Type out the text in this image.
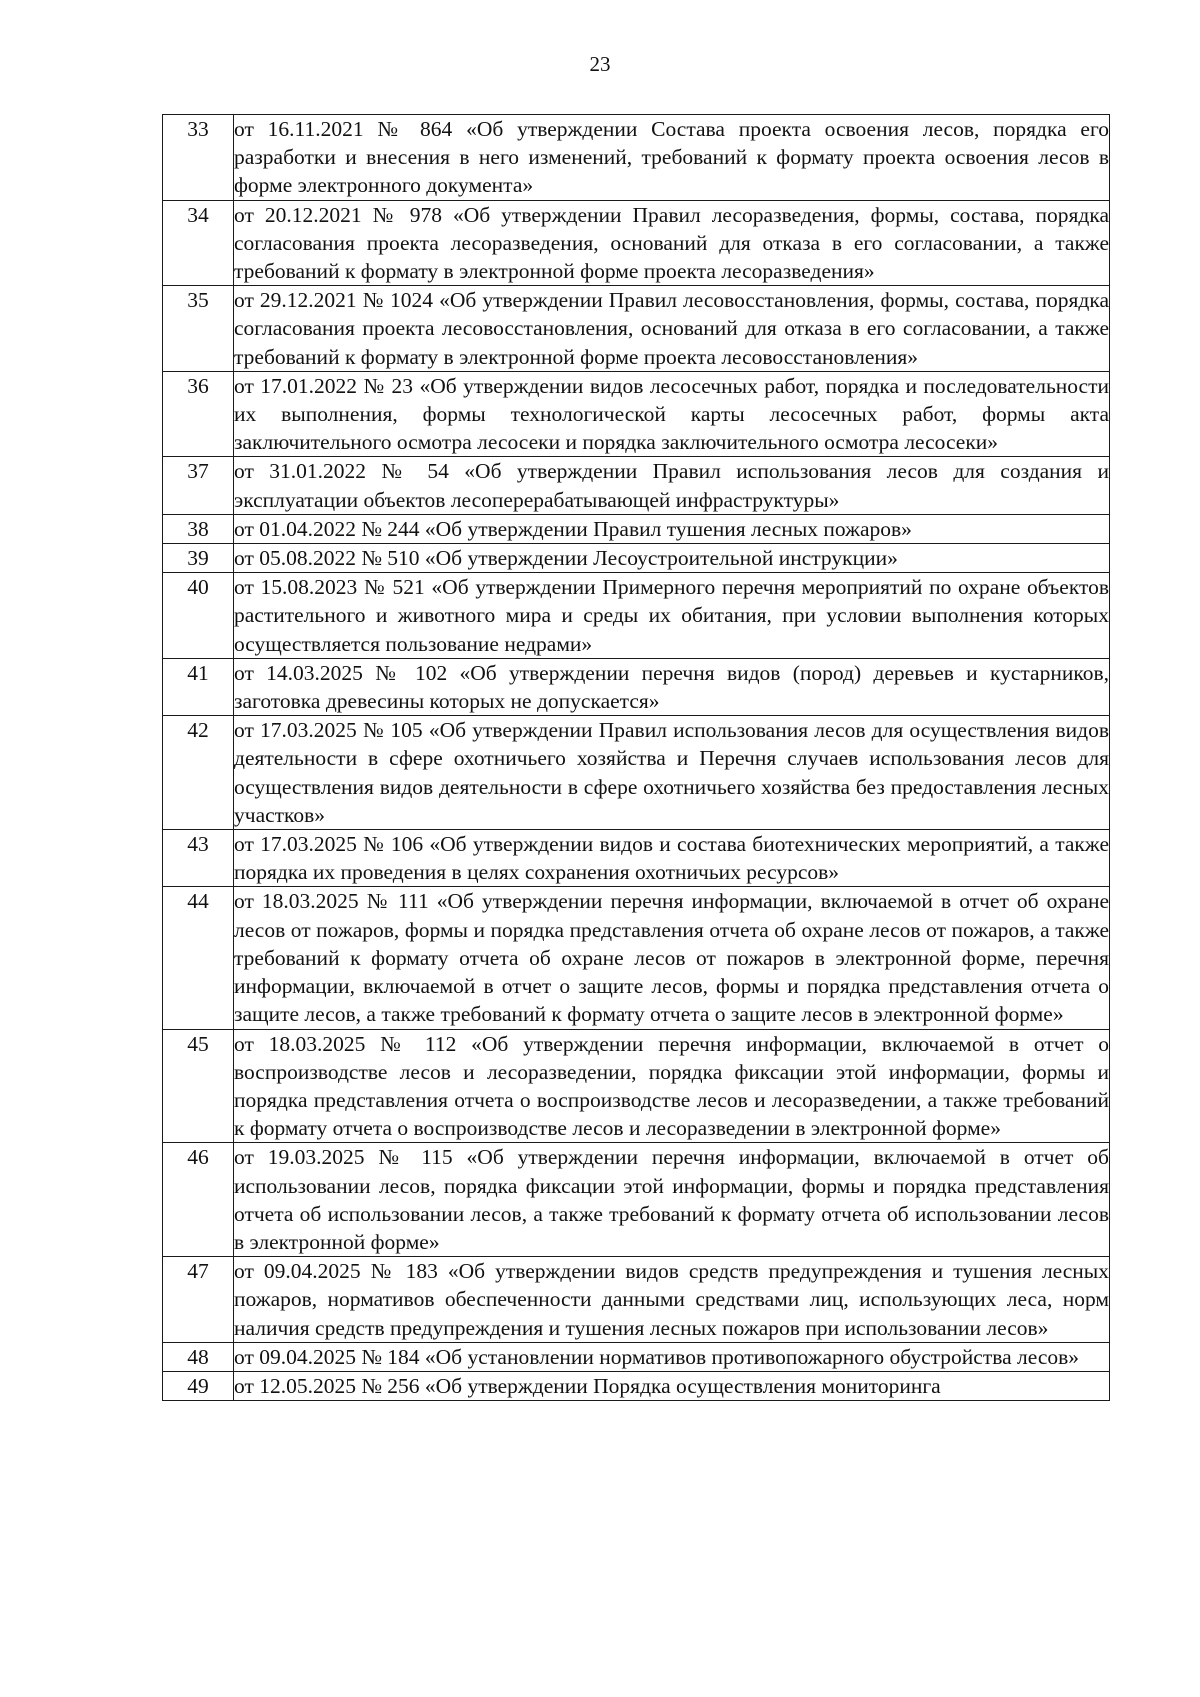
23
33	от 16.11.2021 № 864 «Об утверждении Состава проекта освоения лесов, порядка его разработки и внесения в него изменений, требований к формату проекта освоения лесов в форме электронного документа»
34	от 20.12.2021 № 978 «Об утверждении Правил лесоразведения, формы, состава, порядка согласования проекта лесоразведения, оснований для отказа в его согласовании, а также требований к формату в электронной форме проекта лесоразведения»
35	от 29.12.2021 № 1024 «Об утверждении Правил лесовосстановления, формы, состава, порядка согласования проекта лесовосстановления, оснований для отказа в его согласовании, а также требований к формату в электронной форме проекта лесовосстановления»
36	от 17.01.2022 № 23 «Об утверждении видов лесосечных работ, порядка и последовательности их выполнения, формы технологической карты лесосечных работ, формы акта заключительного осмотра лесосеки и порядка заключительного осмотра лесосеки»
37	от 31.01.2022 № 54 «Об утверждении Правил использования лесов для создания и эксплуатации объектов лесоперерабатывающей инфраструктуры»
38	от 01.04.2022 № 244 «Об утверждении Правил тушения лесных пожаров»
39	от 05.08.2022 № 510 «Об утверждении Лесоустроительной инструкции»
40	от 15.08.2023 № 521 «Об утверждении Примерного перечня мероприятий по охране объектов растительного и животного мира и среды их обитания, при условии выполнения которых осуществляется пользование недрами»
41	от 14.03.2025 № 102 «Об утверждении перечня видов (пород) деревьев и кустарников, заготовка древесины которых не допускается»
42	от 17.03.2025 № 105 «Об утверждении Правил использования лесов для осуществления видов деятельности в сфере охотничьего хозяйства и Перечня случаев использования лесов для осуществления видов деятельности в сфере охотничьего хозяйства без предоставления лесных участков»
43	от 17.03.2025 № 106 «Об утверждении видов и состава биотехнических мероприятий, а также порядка их проведения в целях сохранения охотничьих ресурсов»
44	от 18.03.2025 № 111 «Об утверждении перечня информации, включаемой в отчет об охране лесов от пожаров, формы и порядка представления отчета об охране лесов от пожаров, а также требований к формату отчета об охране лесов от пожаров в электронной форме, перечня информации, включаемой в отчет о защите лесов, формы и порядка представления отчета о защите лесов, а также требований к формату отчета о защите лесов в электронной форме»
45	от 18.03.2025 № 112 «Об утверждении перечня информации, включаемой в отчет о воспроизводстве лесов и лесоразведении, порядка фиксации этой информации, формы и порядка представления отчета о воспроизводстве лесов и лесоразведении, а также требований к формату отчета о воспроизводстве лесов и лесоразведении в электронной форме»
46	от 19.03.2025 № 115 «Об утверждении перечня информации, включаемой в отчет об использовании лесов, порядка фиксации этой информации, формы и порядка представления отчета об использовании лесов, а также требований к формату отчета об использовании лесов в электронной форме»
47	от 09.04.2025 № 183 «Об утверждении видов средств предупреждения и тушения лесных пожаров, нормативов обеспеченности данными средствами лиц, использующих леса, норм наличия средств предупреждения и тушения лесных пожаров при использовании лесов»
48	от 09.04.2025 № 184 «Об установлении нормативов противопожарного обустройства лесов»
49	от 12.05.2025 № 256 «Об утверждении Порядка осуществления мониторинга
